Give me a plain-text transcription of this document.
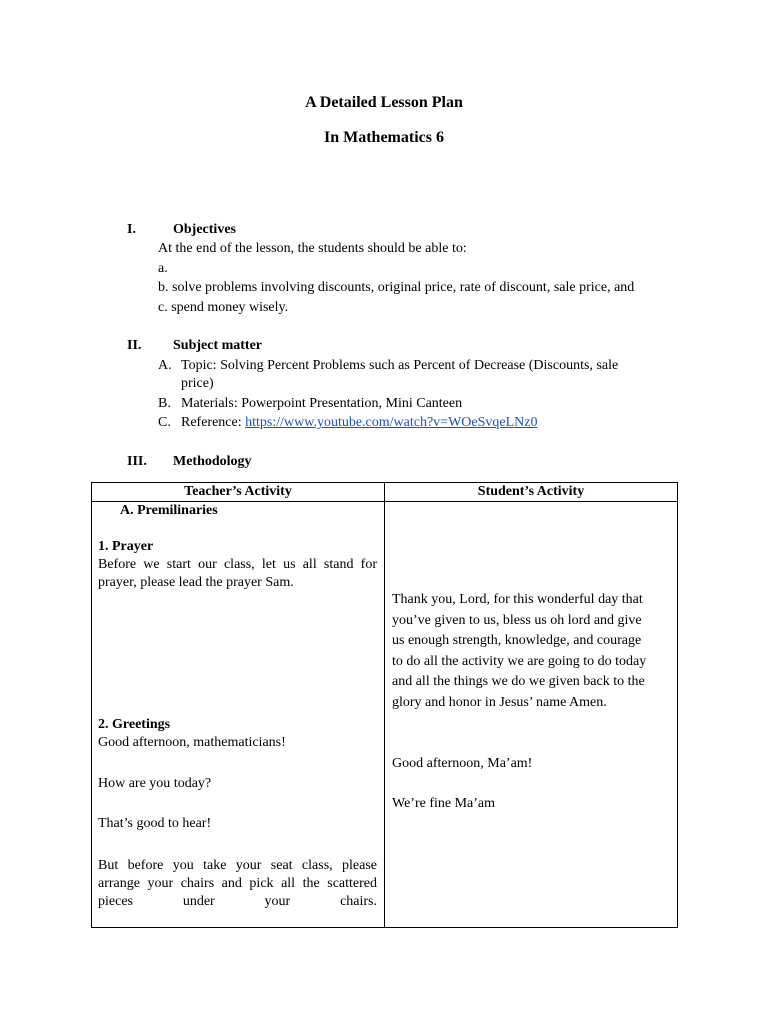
A Detailed Lesson Plan
In Mathematics 6
I.	Objectives
At the end of the lesson, the students should be able to:
a.
b. solve problems involving discounts, original price, rate of discount, sale price, and
c. spend money wisely.
II. Subject matter
A. Topic: Solving Percent Problems such as Percent of Decrease (Discounts, sale
price)
B. Materials: Powerpoint Presentation, Mini Canteen
C. Reference: https://www.youtube.com/watch?v=WOeSvqeLNz0
III. Methodology
Teacher’s Activity	Student’s Activity
A. Premilinaries
1. Prayer
Before we start our class, let us all stand for
prayer, please lead the prayer Sam.
2. Greetings
Good afternoon, mathematicians!
How are you today?
That’s good to hear!
But before you take your seat class, please
arrange your chairs and pick all the scattered
pieces under your chairs.
Thank you, Lord, for this wonderful day that
you’ve given to us, bless us oh lord and give
us enough strength, knowledge, and courage
to do all the activity we are going to do today
and all the things we do we given back to the
glory and honor in Jesus’ name Amen.
Good afternoon, Ma’am!
We’re fine Ma’am
